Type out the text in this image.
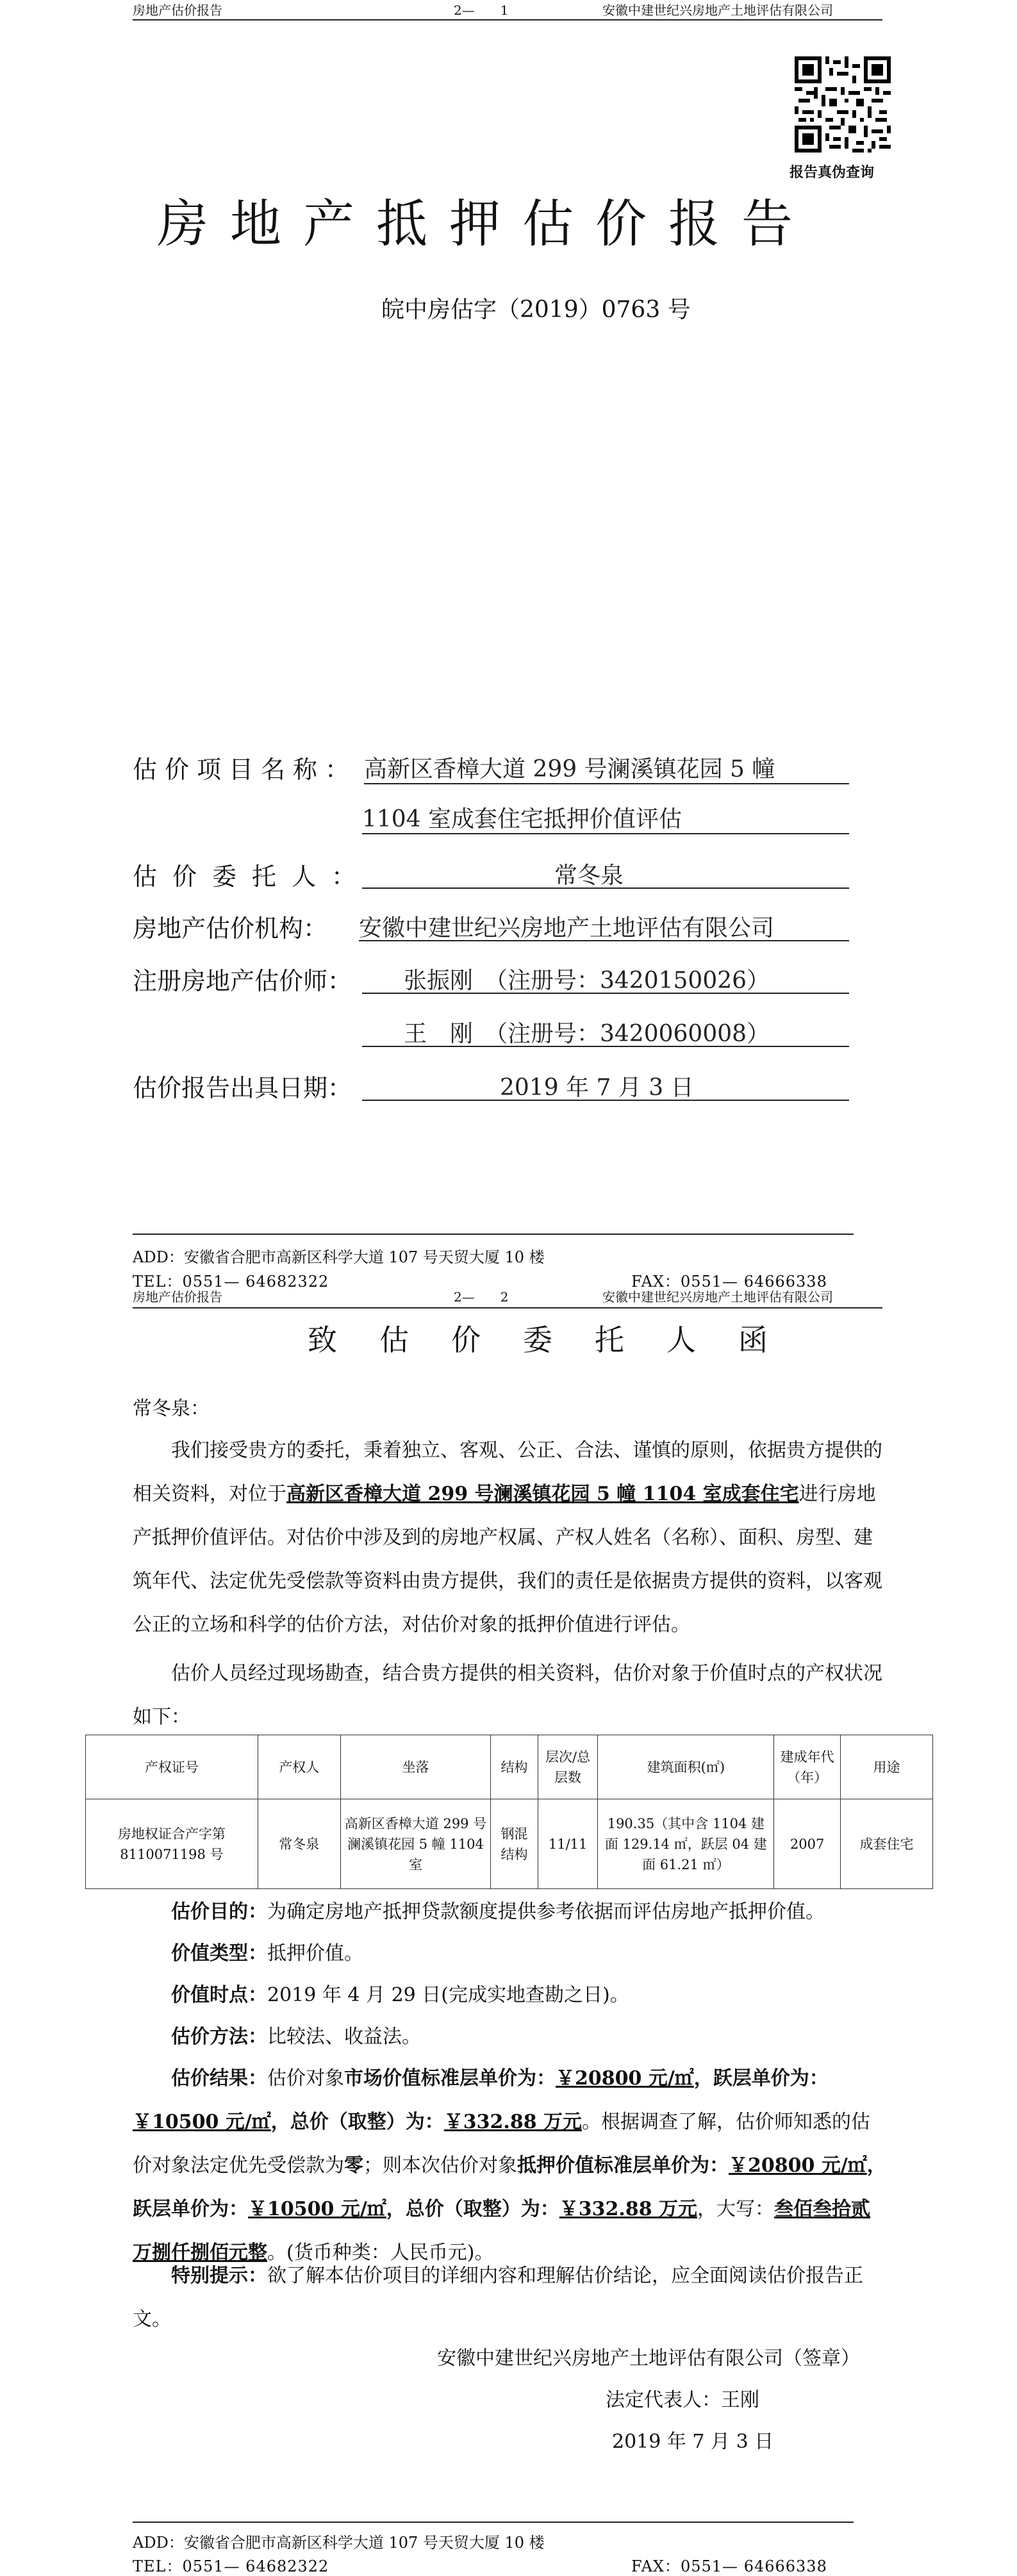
房地产估价报告	2—　　1	安徽中建世纪兴房地产土地评估有限公司
报告真伪查询
房地产抵押估价报告
皖中房估字（2019）0763 号
估价项目名称： 高新区香樟大道 299 号澜溪镇花园 5 幢
1104 室成套住宅抵押价值评估
估价委托人：	常冬泉
房地产估价机构： 安徽中建世纪兴房地产土地评估有限公司
注册房地产估价师： 张振刚　（注册号：3420150026）
王　刚　（注册号：3420060008）
估价报告出具日期：	2019 年 7 月 3 日
ADD：安徽省合肥市高新区科学大道 107 号天贸大厦 10 楼
TEL：0551— 64682322	FAX：0551— 64666338
房地产估价报告	2—　　2	安徽中建世纪兴房地产土地评估有限公司
致估价委托人函
常冬泉：
我们接受贵方的委托，秉着独立、客观、公正、合法、谨慎的原则，依据贵方提供的相关资料，对位于高新区香樟大道 299 号澜溪镇花园 5 幢 1104 室成套住宅进行房地产抵押价值评估。对估价中涉及到的房地产权属、产权人姓名（名称）、面积、房型、建筑年代、法定优先受偿款等资料由贵方提供，我们的责任是依据贵方提供的资料，以客观公正的立场和科学的估价方法，对估价对象的抵押价值进行评估。
估价人员经过现场勘查，结合贵方提供的相关资料，估价对象于价值时点的产权状况如下：
产权证号	产权人	坐落	结构	层次/总层数	建筑面积(㎡)	建成年代（年）	用途
房地权证合产字第 8110071198 号	常冬泉	高新区香樟大道 299 号澜溪镇花园 5 幢 1104 室	钢混结构	11/11	190.35（其中含 1104 建面 129.14 ㎡，跃层 04 建面 61.21 ㎡）	2007	成套住宅
估价目的：为确定房地产抵押贷款额度提供参考依据而评估房地产抵押价值。
价值类型：抵押价值。
价值时点：2019 年 4 月 29 日(完成实地查勘之日)。
估价方法：比较法、收益法。
估价结果：估价对象市场价值标准层单价为：￥20800 元/㎡，跃层单价为：￥10500 元/㎡，总价（取整）为：￥332.88 万元。根据调查了解，估价师知悉的估价对象法定优先受偿款为零；则本次估价对象抵押价值标准层单价为：￥20800 元/㎡，跃层单价为：￥10500 元/㎡，总价（取整）为：￥332.88 万元，大写：叁佰叁拾贰万捌仟捌佰元整。(货币种类：人民币元)。
特别提示：欲了解本估价项目的详细内容和理解估价结论，应全面阅读估价报告正文。
安徽中建世纪兴房地产土地评估有限公司（签章）
法定代表人：王刚
2019 年 7 月 3 日
ADD：安徽省合肥市高新区科学大道 107 号天贸大厦 10 楼
TEL：0551— 64682322	FAX：0551— 64666338
